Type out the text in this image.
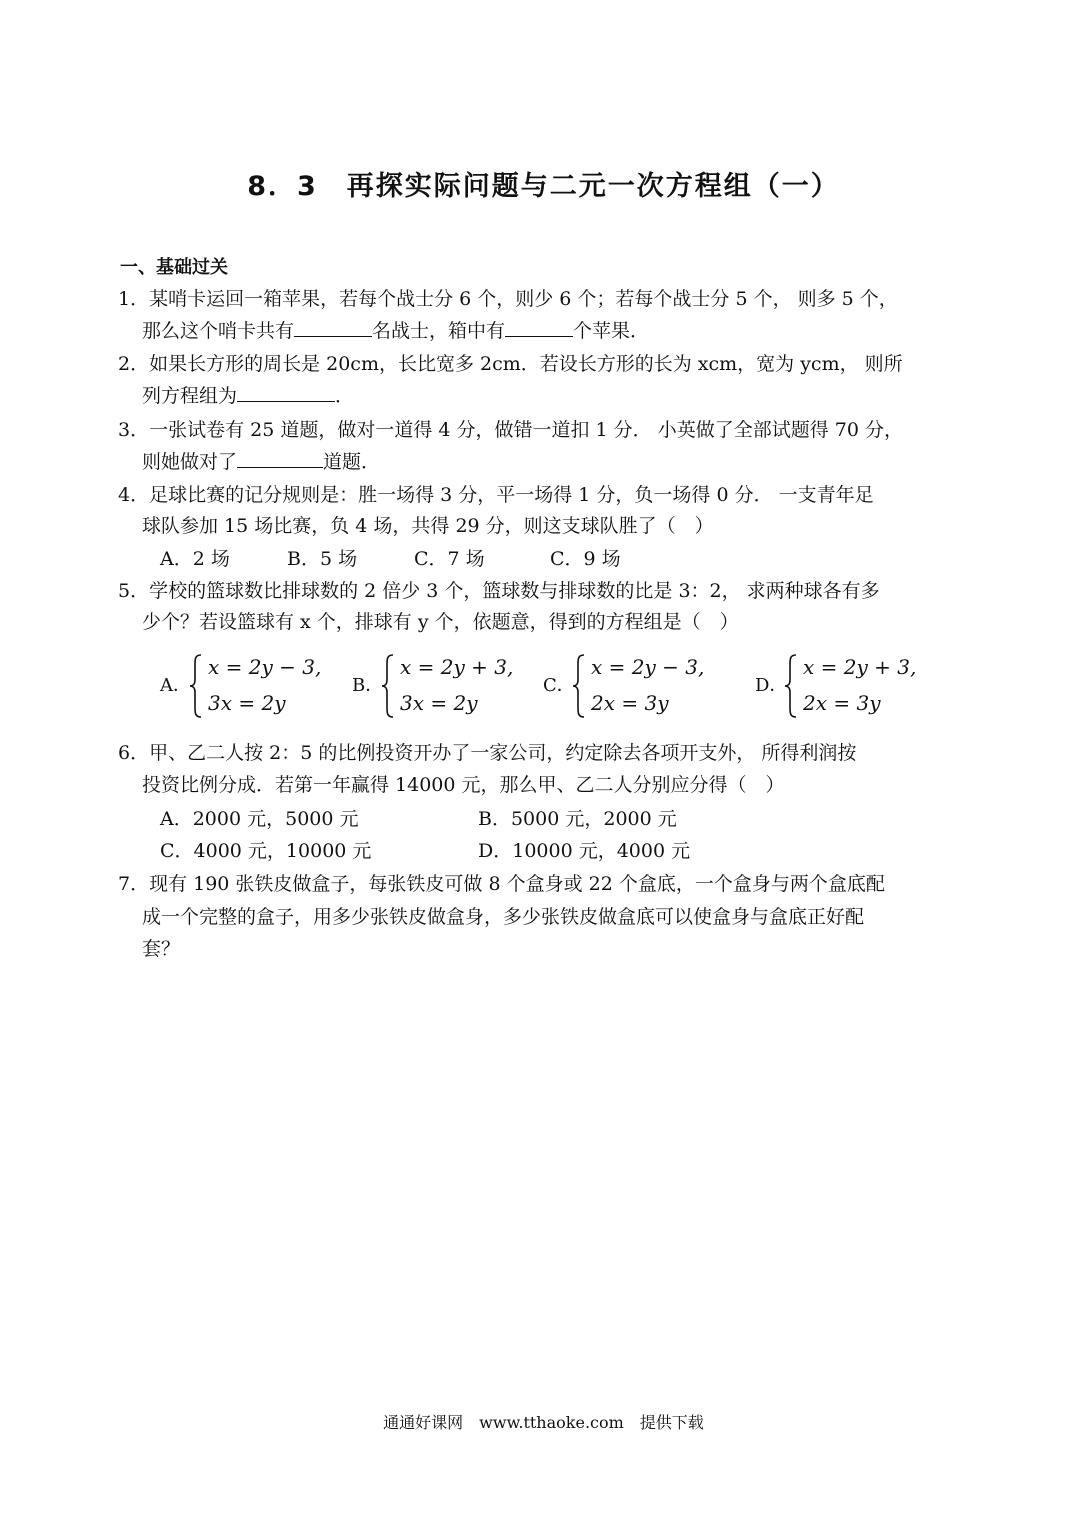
8．3　再探实际问题与二元一次方程组（一）
一、基础过关
1．某哨卡运回一箱苹果，若每个战士分 6 个，则少 6 个；若每个战士分 5 个， 则多 5 个，
那么这个哨卡共有	名战士，箱中有	个苹果．
2．如果长方形的周长是 20cm，长比宽多 2cm．若设长方形的长为 xcm，宽为 ycm， 则所
列方程组为	．
3．一张试卷有 25 道题，做对一道得 4 分，做错一道扣 1 分． 小英做了全部试题得 70 分，
则她做对了	道题．
4．足球比赛的记分规则是：胜一场得 3 分，平一场得 1 分，负一场得 0 分． 一支青年足
球队参加 15 场比赛，负 4 场，共得 29 分，则这支球队胜了（　）
A．2 场	B．5 场	C．7 场	C．9 场
5．学校的篮球数比排球数的 2 倍少 3 个，篮球数与排球数的比是 3：2， 求两种球各有多
少个？若设篮球有 x 个，排球有 y 个，依题意，得到的方程组是（　）
A．
x = 2y − 3,
3x = 2y
B．
x = 2y + 3,
3x = 2y
C．
x = 2y − 3,
2x = 3y
D．
x = 2y + 3,
2x = 3y
6．甲、乙二人按 2：5 的比例投资开办了一家公司，约定除去各项开支外， 所得利润按
投资比例分成．若第一年赢得 14000 元，那么甲、乙二人分别应分得（　）
A．2000 元，5000 元	B．5000 元，2000 元
C．4000 元，10000 元	D．10000 元，4000 元
7．现有 190 张铁皮做盒子，每张铁皮可做 8 个盒身或 22 个盒底，一个盒身与两个盒底配
成一个完整的盒子，用多少张铁皮做盒身，多少张铁皮做盒底可以使盒身与盒底正好配
套？
通通好课网　www.tthaoke.com　提供下载
